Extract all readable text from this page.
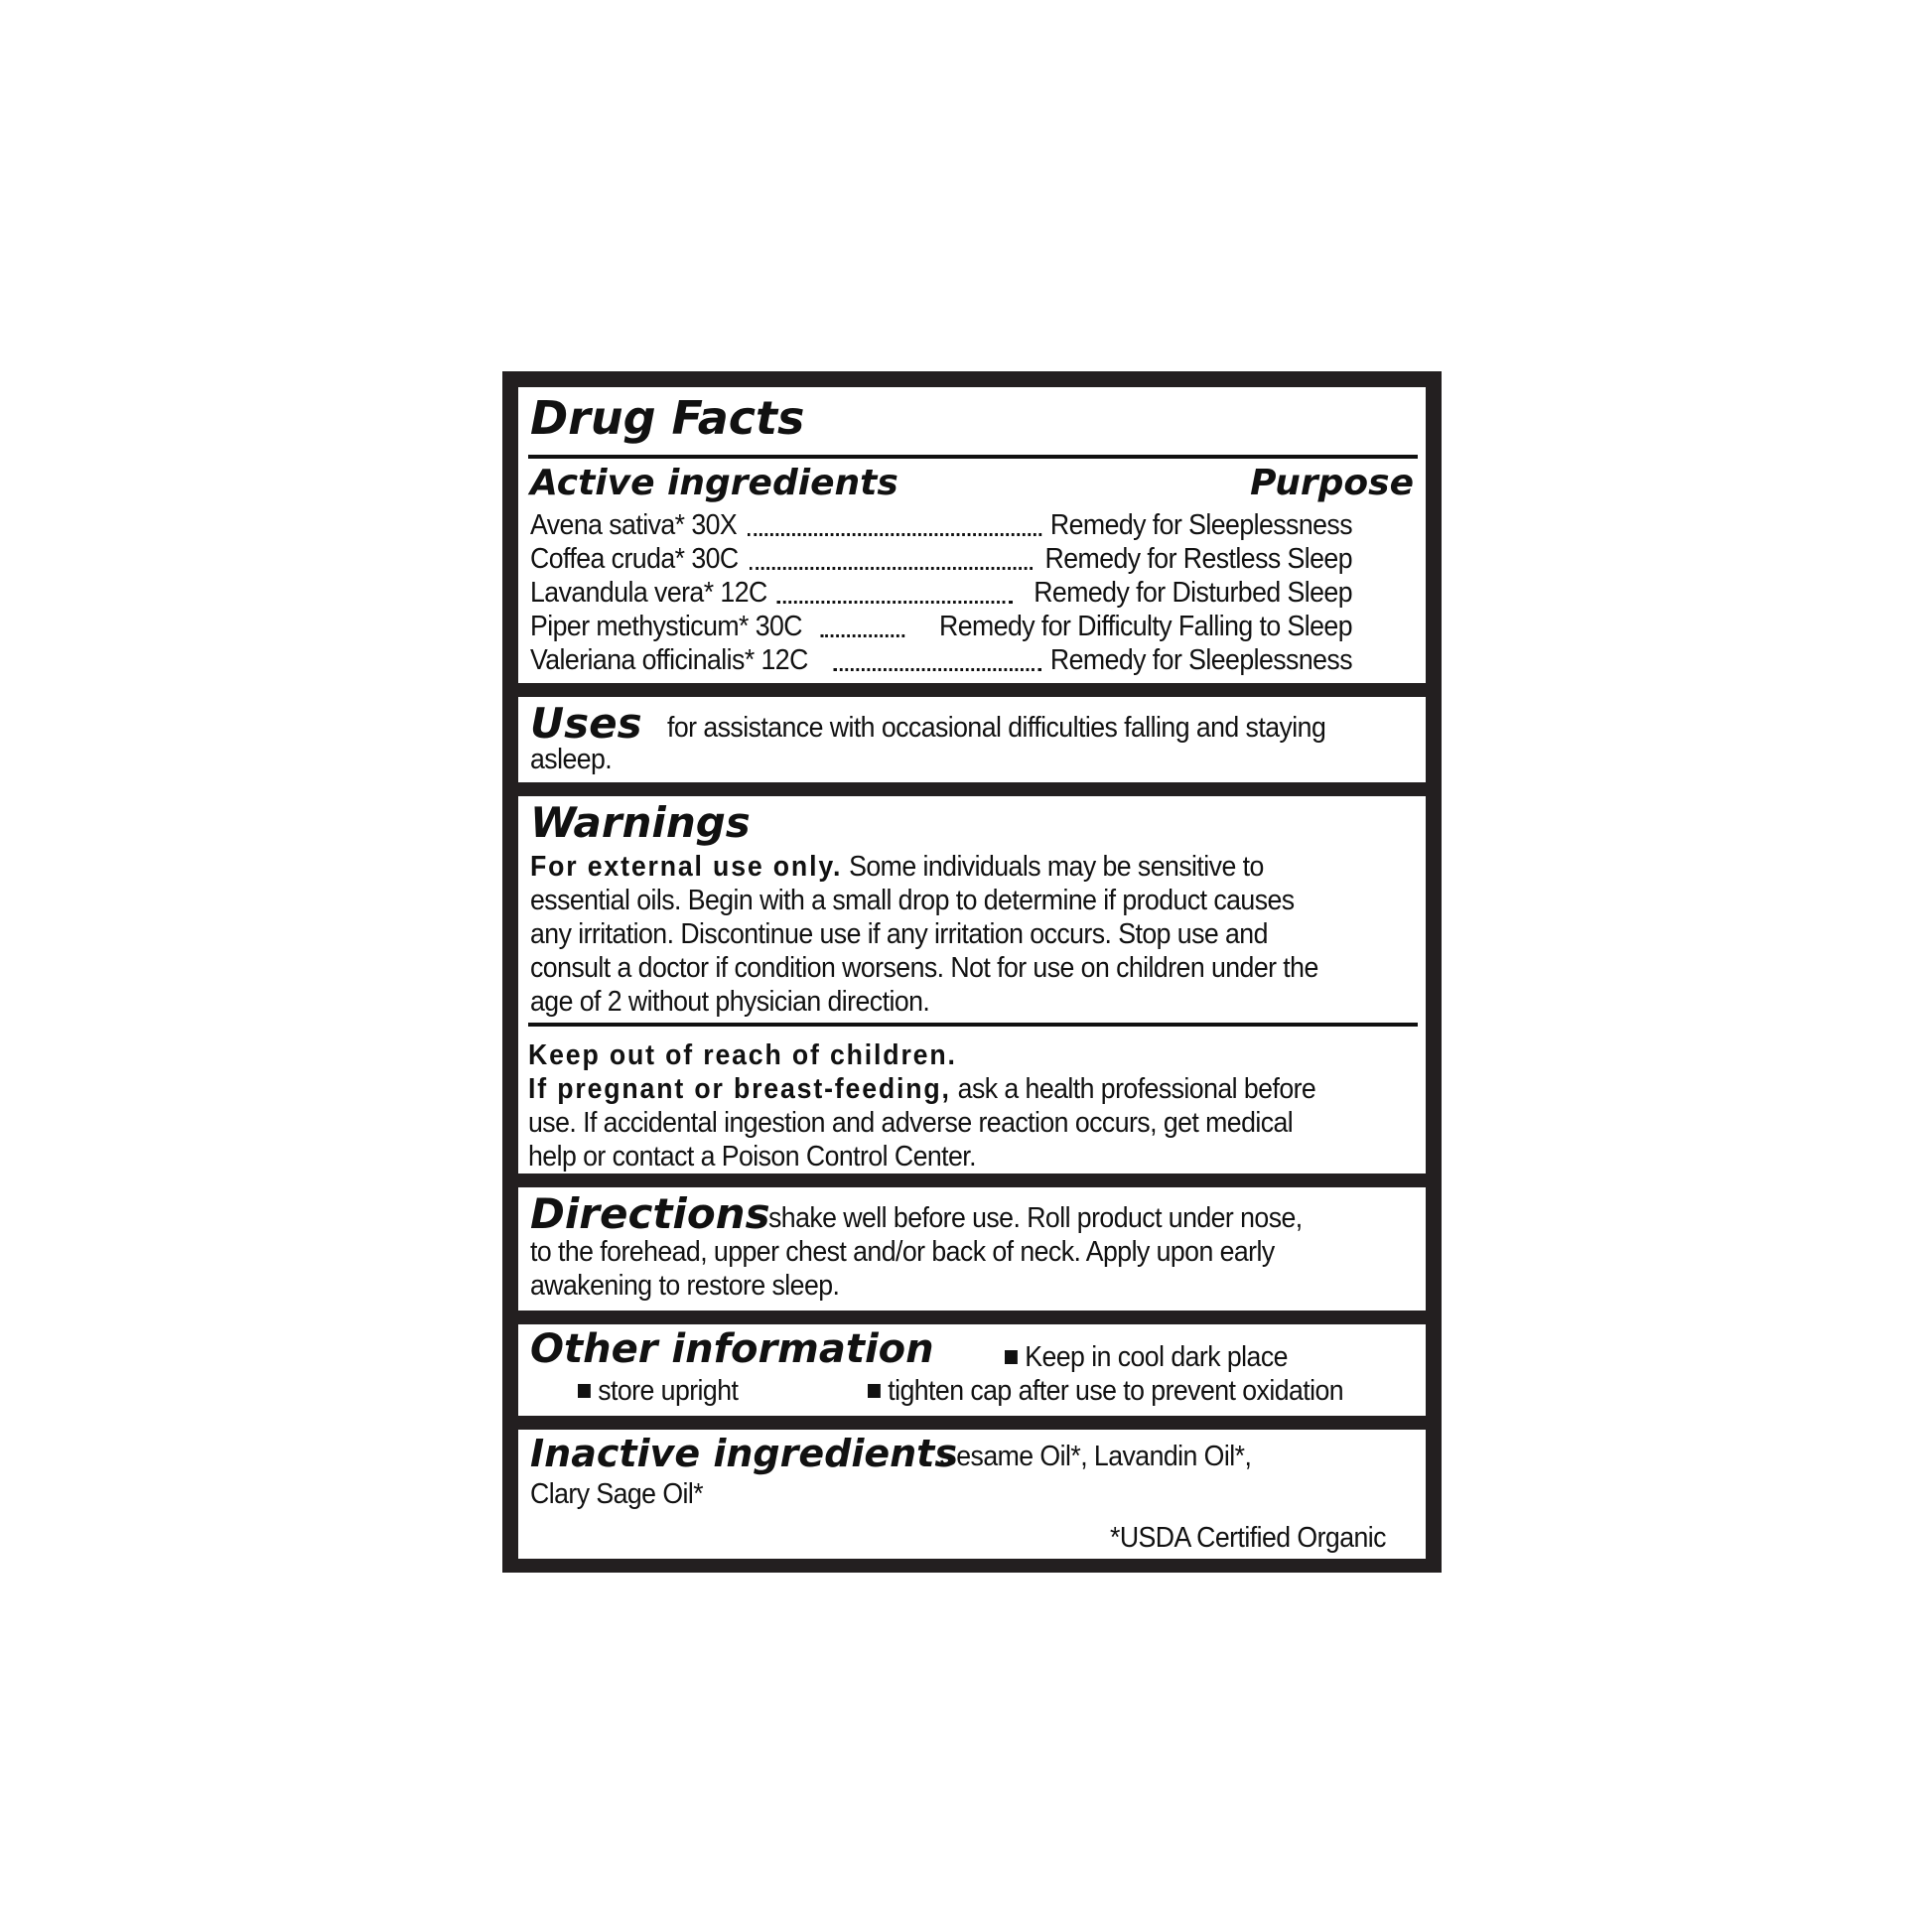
Drug Facts
Active ingredients	Purpose
Avena sativa* 30X	Remedy for Sleeplessness
Coffea cruda* 30C	Remedy for Restless Sleep
Lavandula vera* 12C	Remedy for Disturbed Sleep
Piper methysticum* 30C	Remedy for Difficulty Falling to Sleep
Valeriana officinalis* 12C	Remedy for Sleeplessness
Uses for assistance with occasional difficulties falling and staying
asleep.
Warnings
For external use only. Some individuals may be sensitive to
essential oils. Begin with a small drop to determine if product causes
any irritation. Discontinue use if any irritation occurs. Stop use and
consult a doctor if condition worsens. Not for use on children under the
age of 2 without physician direction.
Keep out of reach of children.
If pregnant or breast-feeding, ask a health professional before
use. If accidental ingestion and adverse reaction occurs, get medical
help or contact a Poison Control Center.
Directions
shake well before use. Roll product under nose,
to the forehead, upper chest and/or back of neck. Apply upon early
awakening to restore sleep.
Other information	Keep in cool dark place
store upright	tighten cap after use to prevent oxidation
Inactive ingredients
Sesame Oil*, Lavandin Oil*,
Clary Sage Oil*
*USDA Certified Organic
